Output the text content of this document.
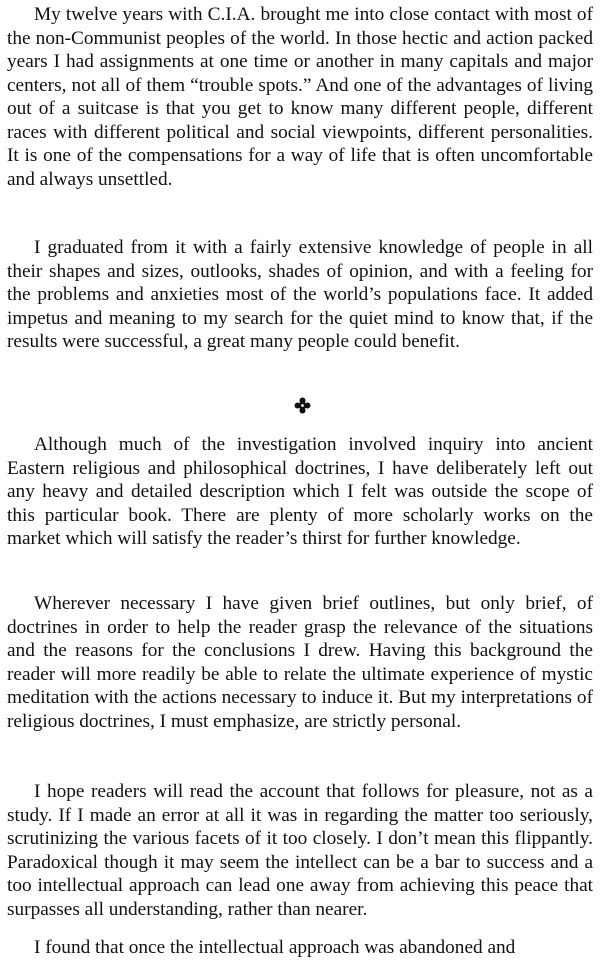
My twelve years with C.I.A. brought me into close contact with most of the non-Communist peoples of the world. In those hectic and action packed years I had assignments at one time or another in many capitals and major centers, not all of them “trouble spots.” And one of the advantages of living out of a suitcase is that you get to know many different people, different races with different political and social viewpoints, different personalities. It is one of the compensations for a way of life that is often uncomfortable and always unsettled.

I graduated from it with a fairly extensive knowledge of people in all their shapes and sizes, outlooks, shades of opinion, and with a feeling for the problems and anxieties most of the world’s populations face. It added impetus and meaning to my search for the quiet mind to know that, if the results were successful, a great many people could benefit.

Although much of the investigation involved inquiry into ancient Eastern religious and philosophical doctrines, I have deliberately left out any heavy and detailed description which I felt was outside the scope of this particular book. There are plenty of more scholarly works on the market which will satisfy the reader’s thirst for further knowledge.

Wherever necessary I have given brief outlines, but only brief, of doctrines in order to help the reader grasp the relevance of the situations and the reasons for the conclusions I drew. Having this background the reader will more readily be able to relate the ultimate experience of mystic meditation with the actions necessary to induce it. But my interpretations of religious doctrines, I must emphasize, are strictly personal.

I hope readers will read the account that follows for pleasure, not as a study. If I made an error at all it was in regarding the matter too seriously, scrutinizing the various facets of it too closely. I don’t mean this flippantly. Paradoxical though it may seem the intellect can be a bar to success and a too intellectual approach can lead one away from achieving this peace that surpasses all understanding, rather than nearer.

I found that once the intellectual approach was abandoned and
